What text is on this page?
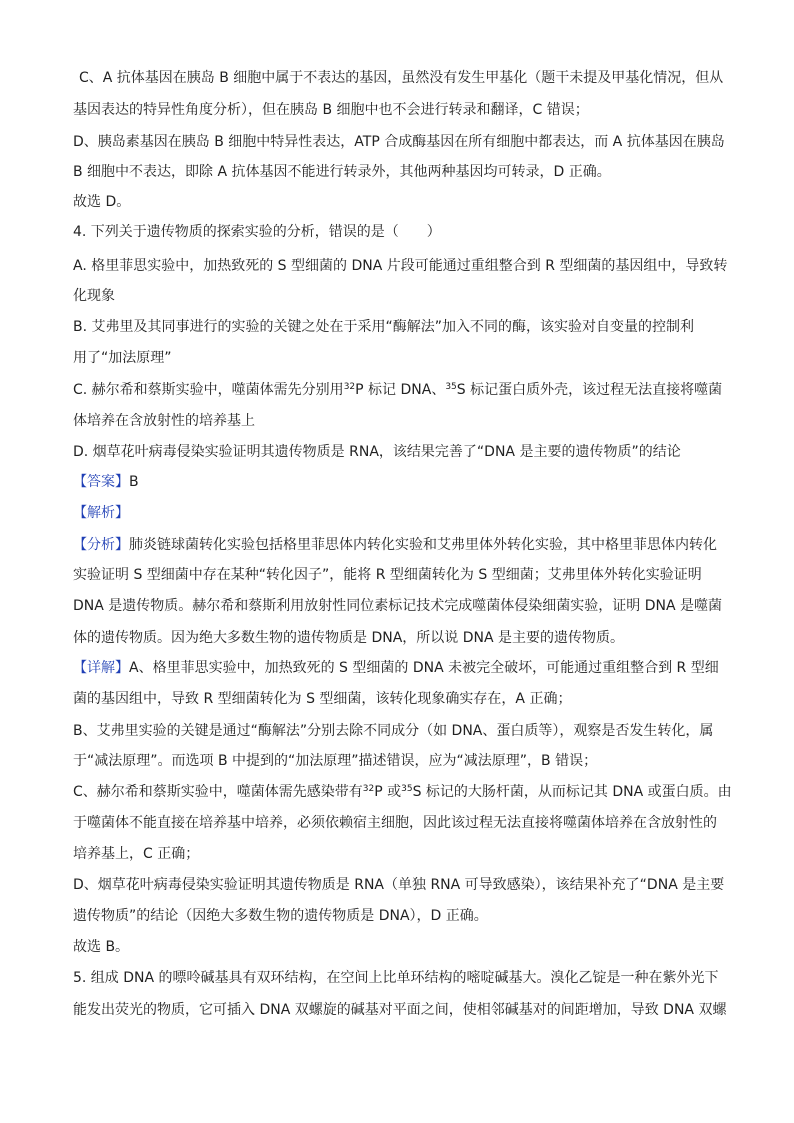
C、A 抗体基因在胰岛 B 细胞中属于不表达的基因，虽然没有发生甲基化（题干未提及甲基化情况，但从
基因表达的特异性角度分析），但在胰岛 B 细胞中也不会进行转录和翻译，C 错误；
D、胰岛素基因在胰岛 B 细胞中特异性表达，ATP 合成酶基因在所有细胞中都表达，而 A 抗体基因在胰岛
B 细胞中不表达，即除 A 抗体基因不能进行转录外，其他两种基因均可转录，D 正确。
故选 D。
4. 下列关于遗传物质的探索实验的分析，错误的是（　　）
A. 格里菲思实验中，加热致死的 S 型细菌的 DNA 片段可能通过重组整合到 R 型细菌的基因组中，导致转
化现象
B. 艾弗里及其同事进行的实验的关键之处在于采用“酶解法”加入不同的酶，该实验对自变量的控制利
用了“加法原理”
C. 赫尔希和蔡斯实验中，噬菌体需先分别用$^{32}$P 标记 DNA、$^{35}$S 标记蛋白质外壳，该过程无法直接将噬菌
体培养在含放射性的培养基上
D. 烟草花叶病毒侵染实验证明其遗传物质是 RNA，该结果完善了“DNA 是主要的遗传物质”的结论
【答案】B
【解析】
【分析】肺炎链球菌转化实验包括格里菲思体内转化实验和艾弗里体外转化实验，其中格里菲思体内转化
实验证明 S 型细菌中存在某种“转化因子”，能将 R 型细菌转化为 S 型细菌；艾弗里体外转化实验证明
DNA 是遗传物质。赫尔希和蔡斯利用放射性同位素标记技术完成噬菌体侵染细菌实验，证明 DNA 是噬菌
体的遗传物质。因为绝大多数生物的遗传物质是 DNA，所以说 DNA 是主要的遗传物质。
【详解】A、格里菲思实验中，加热致死的 S 型细菌的 DNA 未被完全破坏，可能通过重组整合到 R 型细
菌的基因组中，导致 R 型细菌转化为 S 型细菌，该转化现象确实存在，A 正确；
B、艾弗里实验的关键是通过“酶解法”分别去除不同成分（如 DNA、蛋白质等），观察是否发生转化，属
于“减法原理”。而选项 B 中提到的“加法原理”描述错误，应为“减法原理”，B 错误；
C、赫尔希和蔡斯实验中，噬菌体需先感染带有$^{32}$P 或$^{35}$S 标记的大肠杆菌，从而标记其 DNA 或蛋白质。由
于噬菌体不能直接在培养基中培养，必须依赖宿主细胞，因此该过程无法直接将噬菌体培养在含放射性的
培养基上，C 正确；
D、烟草花叶病毒侵染实验证明其遗传物质是 RNA（单独 RNA 可导致感染），该结果补充了“DNA 是主要
遗传物质”的结论（因绝大多数生物的遗传物质是 DNA），D 正确。
故选 B。
5. 组成 DNA 的嘌呤碱基具有双环结构，在空间上比单环结构的嘧啶碱基大。溴化乙锭是一种在紫外光下
能发出荧光的物质，它可插入 DNA 双螺旋的碱基对平面之间，使相邻碱基对的间距增加，导致 DNA 双螺
